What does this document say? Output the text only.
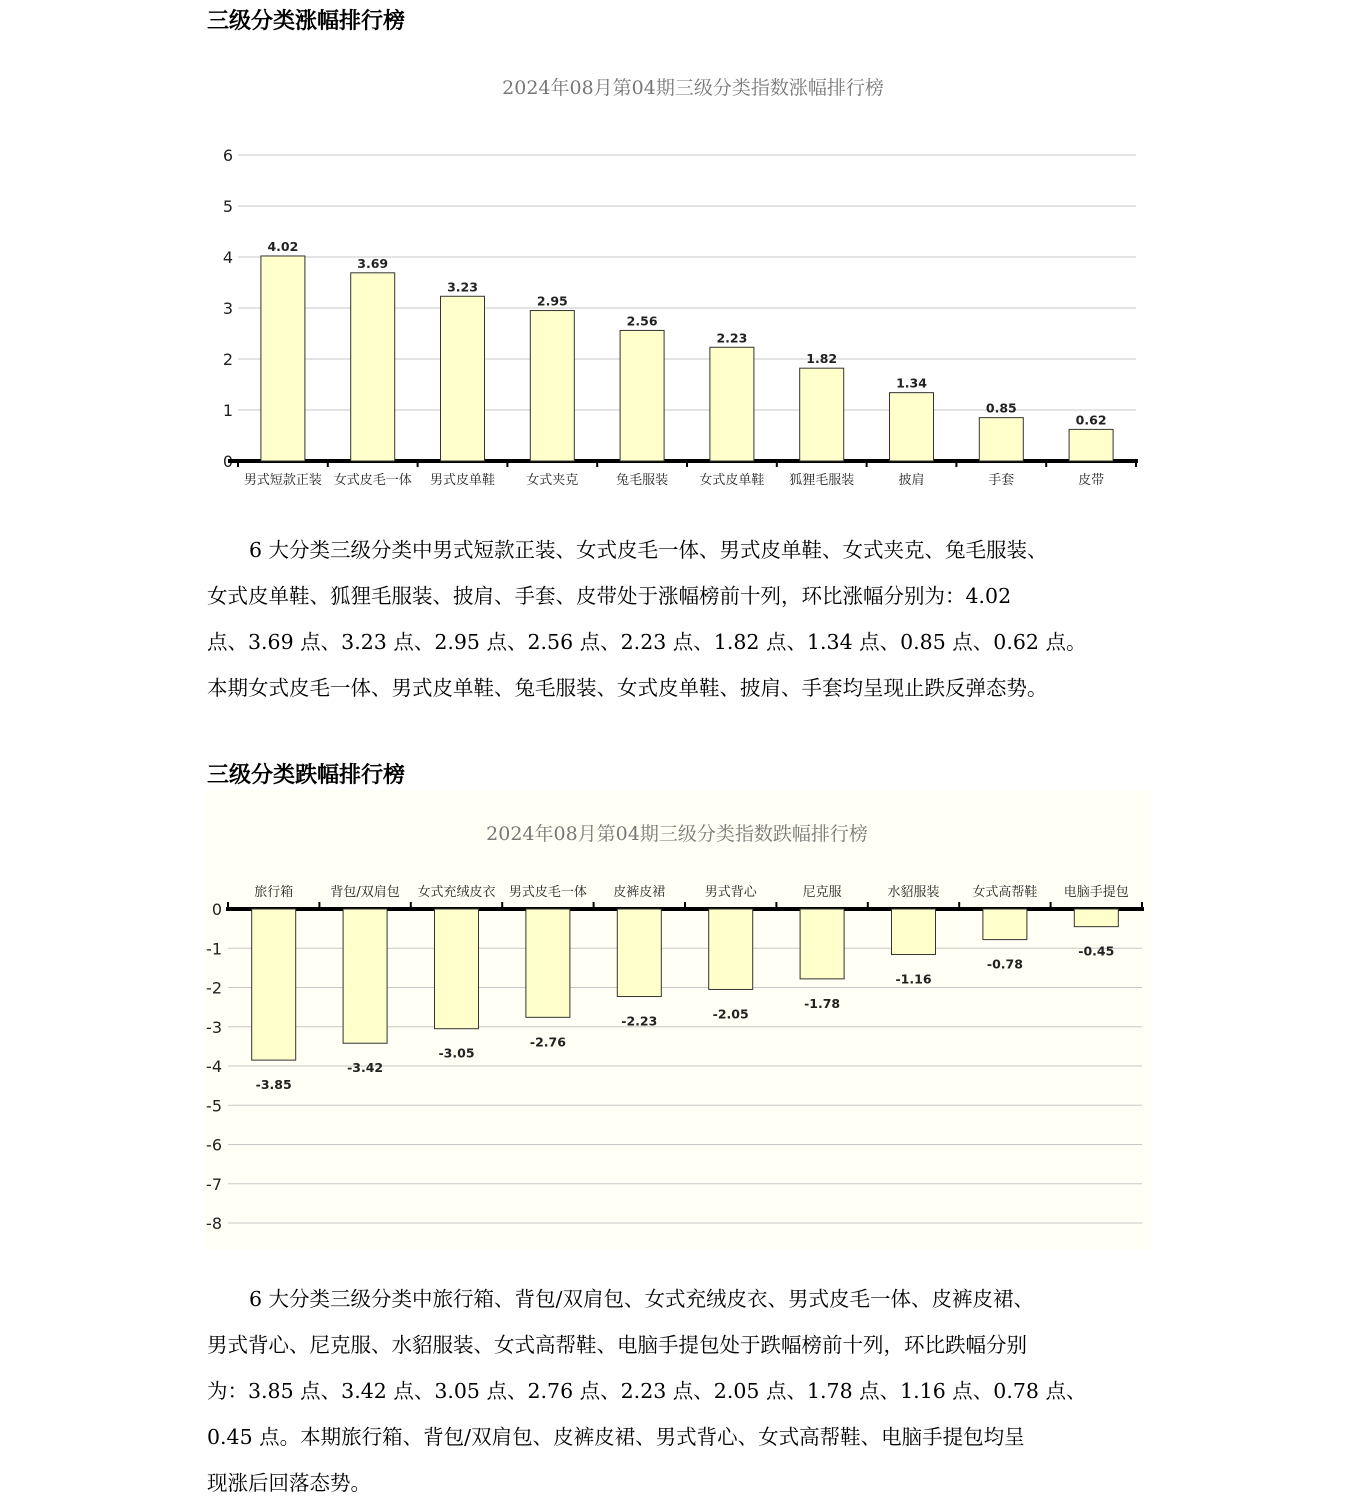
三级分类涨幅排行榜
2024年08月第04期三级分类指数涨幅排行榜
0
1
2
3
4
5
6
4.02
男式短款正装
3.69
女式皮毛一体
3.23
男式皮单鞋
2.95
女式夹克
2.56
兔毛服装
2.23
女式皮单鞋
1.82
狐狸毛服装
1.34
披肩
0.85
手套
0.62
皮带

6 大分类三级分类中男式短款正装、女式皮毛一体、男式皮单鞋、女式夹克、兔毛服装、
女式皮单鞋、狐狸毛服装、披肩、手套、皮带处于涨幅榜前十列，环比涨幅分别为：4.02
点、3.69 点、3.23 点、2.95 点、2.56 点、2.23 点、1.82 点、1.34 点、0.85 点、0.62 点。
本期女式皮毛一体、男式皮单鞋、兔毛服装、女式皮单鞋、披肩、手套均呈现止跌反弹态势。

三级分类跌幅排行榜
2024年08月第04期三级分类指数跌幅排行榜
0
-1
-2
-3
-4
-5
-6
-7
-8
-3.85
旅行箱
-3.42
背包/双肩包
-3.05
女式充绒皮衣
-2.76
男式皮毛一体
-2.23
皮裤皮裙
-2.05
男式背心
-1.78
尼克服
-1.16
水貂服装
-0.78
女式高帮鞋
-0.45
电脑手提包

6 大分类三级分类中旅行箱、背包/双肩包、女式充绒皮衣、男式皮毛一体、皮裤皮裙、
男式背心、尼克服、水貂服装、女式高帮鞋、电脑手提包处于跌幅榜前十列，环比跌幅分别
为：3.85 点、3.42 点、3.05 点、2.76 点、2.23 点、2.05 点、1.78 点、1.16 点、0.78 点、
0.45 点。本期旅行箱、背包/双肩包、皮裤皮裙、男式背心、女式高帮鞋、电脑手提包均呈
现涨后回落态势。
